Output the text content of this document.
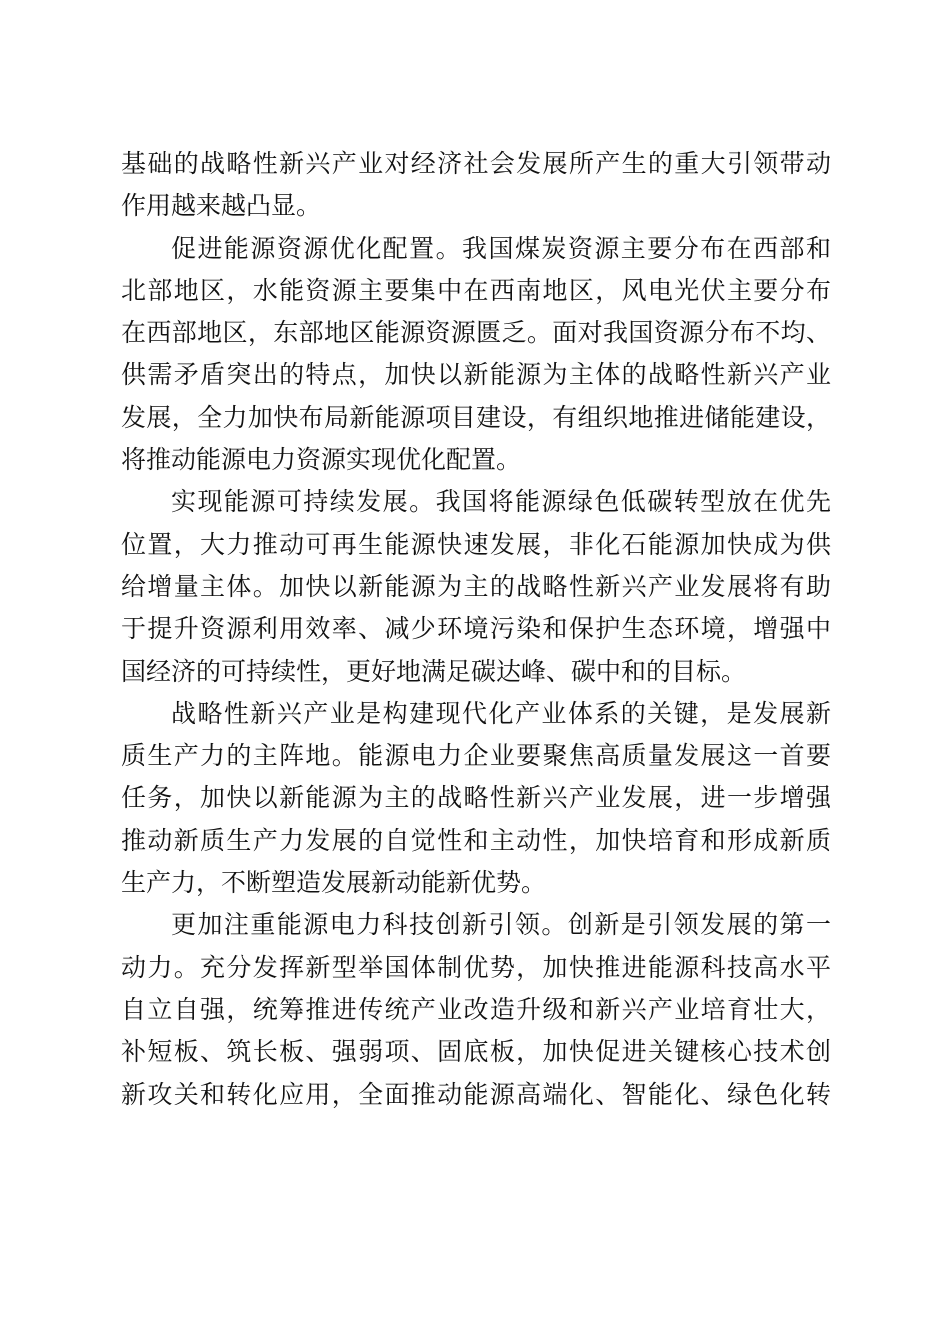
基础的战略性新兴产业对经济社会发展所产生的重大引领带动
作用越来越凸显。
促进能源资源优化配置。我国煤炭资源主要分布在西部和
北部地区，水能资源主要集中在西南地区，风电光伏主要分布
在西部地区，东部地区能源资源匮乏。面对我国资源分布不均、
供需矛盾突出的特点，加快以新能源为主体的战略性新兴产业
发展，全力加快布局新能源项目建设，有组织地推进储能建设，
将推动能源电力资源实现优化配置。
实现能源可持续发展。我国将能源绿色低碳转型放在优先
位置，大力推动可再生能源快速发展，非化石能源加快成为供
给增量主体。加快以新能源为主的战略性新兴产业发展将有助
于提升资源利用效率、减少环境污染和保护生态环境，增强中
国经济的可持续性，更好地满足碳达峰、碳中和的目标。
战略性新兴产业是构建现代化产业体系的关键，是发展新
质生产力的主阵地。能源电力企业要聚焦高质量发展这一首要
任务，加快以新能源为主的战略性新兴产业发展，进一步增强
推动新质生产力发展的自觉性和主动性，加快培育和形成新质
生产力，不断塑造发展新动能新优势。
更加注重能源电力科技创新引领。创新是引领发展的第一
动力。充分发挥新型举国体制优势，加快推进能源科技高水平
自立自强，统筹推进传统产业改造升级和新兴产业培育壮大，
补短板、筑长板、强弱项、固底板，加快促进关键核心技术创
新攻关和转化应用，全面推动能源高端化、智能化、绿色化转
